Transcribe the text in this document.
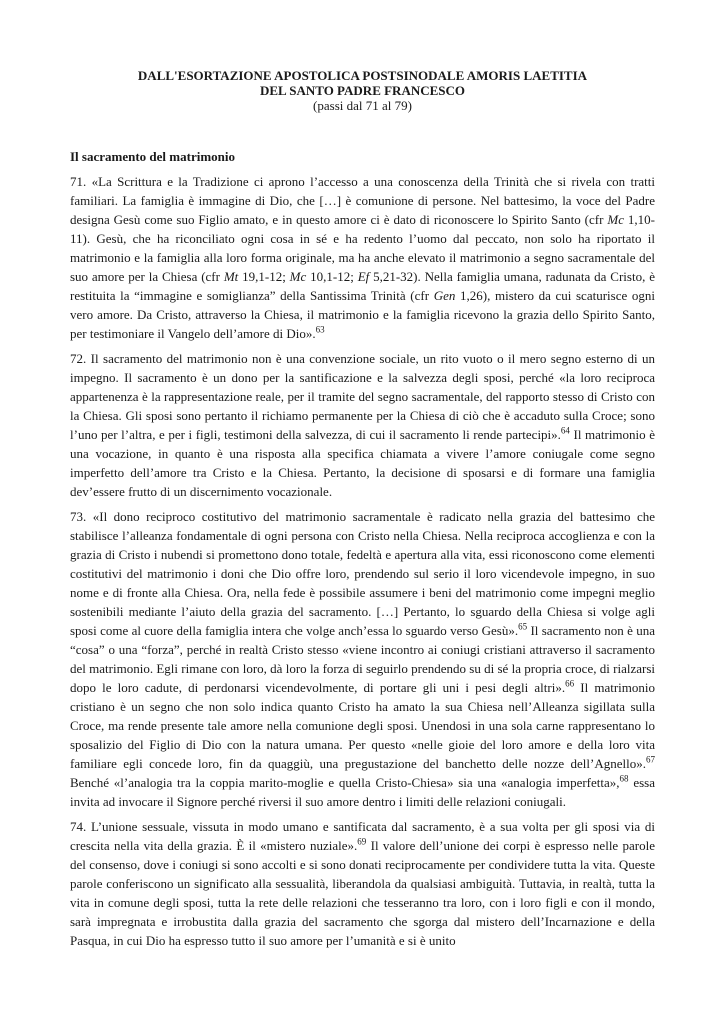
DALL'ESORTAZIONE APOSTOLICA POSTSINODALE AMORIS LAETITIA
DEL SANTO PADRE FRANCESCO
(passi dal 71 al 79)
Il sacramento del matrimonio

71. «La Scrittura e la Tradizione ci aprono l’accesso a una conoscenza della Trinità che si rivela con tratti familiari. La famiglia è immagine di Dio, che […] è comunione di persone. Nel battesimo, la voce del Padre designa Gesù come suo Figlio amato, e in questo amore ci è dato di riconoscere lo Spirito Santo (cfr Mc 1,10-11). Gesù, che ha riconciliato ogni cosa in sé e ha redento l’uomo dal peccato, non solo ha riportato il matrimonio e la famiglia alla loro forma originale, ma ha anche elevato il matrimonio a segno sacramentale del suo amore per la Chiesa (cfr Mt 19,1-12; Mc 10,1-12; Ef 5,21-32). Nella famiglia umana, radunata da Cristo, è restituita la “immagine e somiglianza” della Santissima Trinità (cfr Gen 1,26), mistero da cui scaturisce ogni vero amore. Da Cristo, attraverso la Chiesa, il matrimonio e la famiglia ricevono la grazia dello Spirito Santo, per testimoniare il Vangelo dell’amore di Dio».$^{63}$

72. Il sacramento del matrimonio non è una convenzione sociale, un rito vuoto o il mero segno esterno di un impegno. Il sacramento è un dono per la santificazione e la salvezza degli sposi, perché «la loro reciproca appartenenza è la rappresentazione reale, per il tramite del segno sacramentale, del rapporto stesso di Cristo con la Chiesa. Gli sposi sono pertanto il richiamo permanente per la Chiesa di ciò che è accaduto sulla Croce; sono l’uno per l’altra, e per i figli, testimoni della salvezza, di cui il sacramento li rende partecipi».$^{64}$ Il matrimonio è una vocazione, in quanto è una risposta alla specifica chiamata a vivere l’amore coniugale come segno imperfetto dell’amore tra Cristo e la Chiesa. Pertanto, la decisione di sposarsi e di formare una famiglia dev’essere frutto di un discernimento vocazionale.

73. «Il dono reciproco costitutivo del matrimonio sacramentale è radicato nella grazia del battesimo che stabilisce l’alleanza fondamentale di ogni persona con Cristo nella Chiesa. Nella reciproca accoglienza e con la grazia di Cristo i nubendi si promettono dono totale, fedeltà e apertura alla vita, essi riconoscono come elementi costitutivi del matrimonio i doni che Dio offre loro, prendendo sul serio il loro vicendevole impegno, in suo nome e di fronte alla Chiesa. Ora, nella fede è possibile assumere i beni del matrimonio come impegni meglio sostenibili mediante l’aiuto della grazia del sacramento. […] Pertanto, lo sguardo della Chiesa si volge agli sposi come al cuore della famiglia intera che volge anch’essa lo sguardo verso Gesù».$^{65}$ Il sacramento non è una “cosa” o una “forza”, perché in realtà Cristo stesso «viene incontro ai coniugi cristiani attraverso il sacramento del matrimonio. Egli rimane con loro, dà loro la forza di seguirlo prendendo su di sé la propria croce, di rialzarsi dopo le loro cadute, di perdonarsi vicendevolmente, di portare gli uni i pesi degli altri».$^{66}$ Il matrimonio cristiano è un segno che non solo indica quanto Cristo ha amato la sua Chiesa nell’Alleanza sigillata sulla Croce, ma rende presente tale amore nella comunione degli sposi. Unendosi in una sola carne rappresentano lo sposalizio del Figlio di Dio con la natura umana. Per questo «nelle gioie del loro amore e della loro vita familiare egli concede loro, fin da quaggiù, una pregustazione del banchetto delle nozze dell’Agnello».$^{67}$ Benché «l’analogia tra la coppia marito-moglie e quella Cristo-Chiesa» sia una «analogia imperfetta»,$^{68}$ essa invita ad invocare il Signore perché riversi il suo amore dentro i limiti delle relazioni coniugali.

74. L’unione sessuale, vissuta in modo umano e santificata dal sacramento, è a sua volta per gli sposi via di crescita nella vita della grazia. È il «mistero nuziale».$^{69}$ Il valore dell’unione dei corpi è espresso nelle parole del consenso, dove i coniugi si sono accolti e si sono donati reciprocamente per condividere tutta la vita. Queste parole conferiscono un significato alla sessualità, liberandola da qualsiasi ambiguità. Tuttavia, in realtà, tutta la vita in comune degli sposi, tutta la rete delle relazioni che tesseranno tra loro, con i loro figli e con il mondo, sarà impregnata e irrobustita dalla grazia del sacramento che sgorga dal mistero dell’Incarnazione e della Pasqua, in cui Dio ha espresso tutto il suo amore per l’umanità e si è unito
